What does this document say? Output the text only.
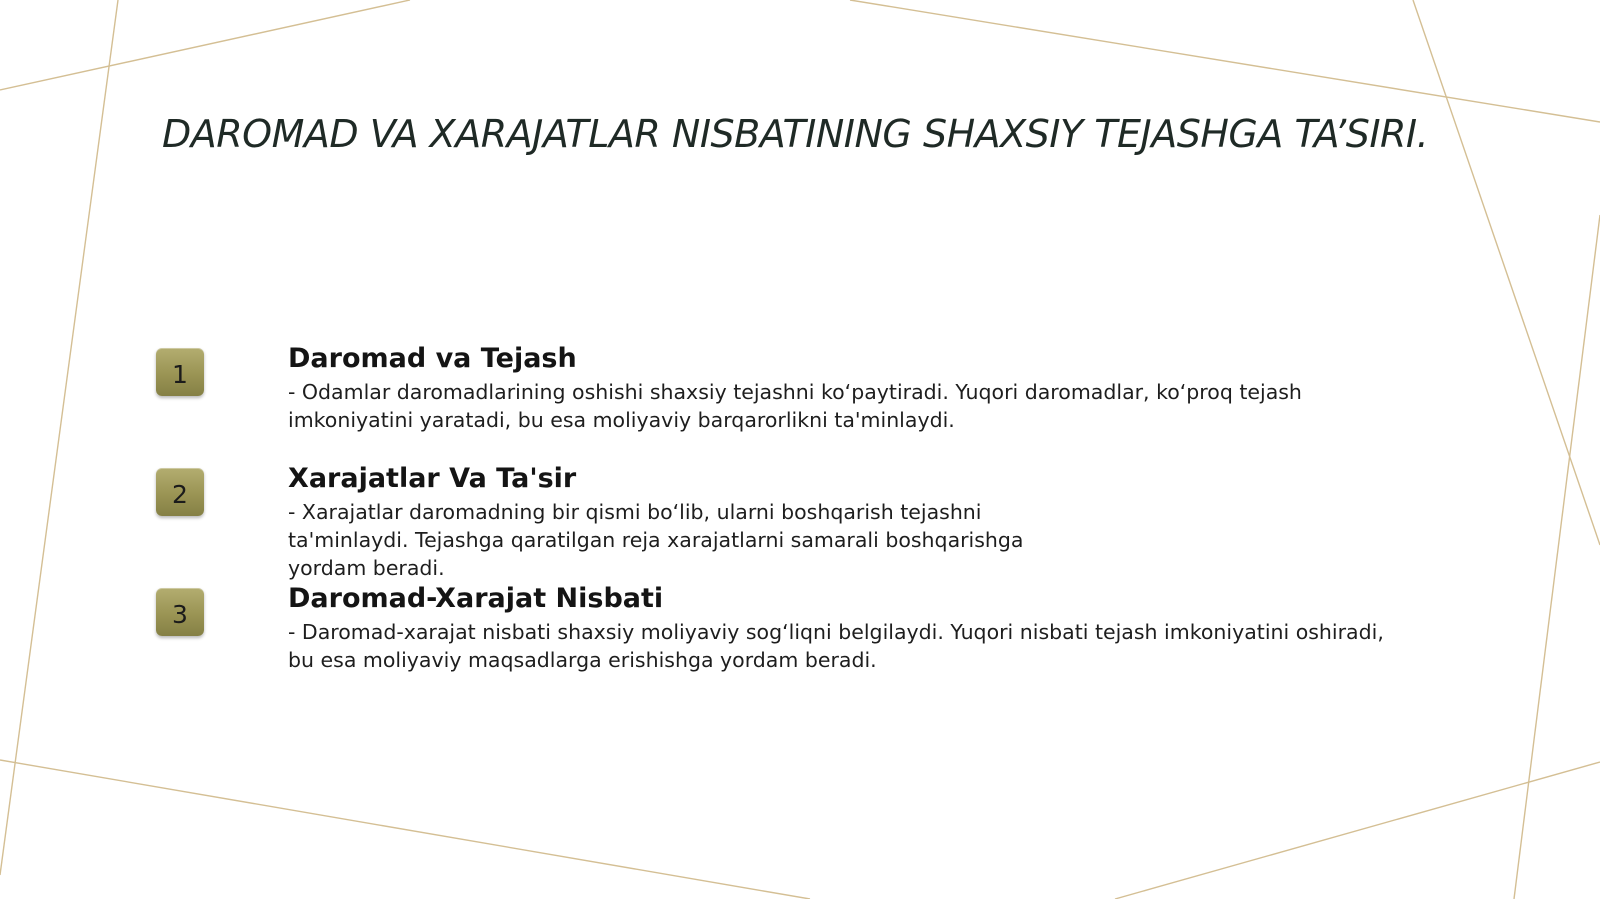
DAROMAD VA XARAJATLAR NISBATINING SHAXSIY TEJASHGA TA’SIRI.
1	Daromad va Tejash

- Odamlar daromadlarining oshishi shaxsiy tejashni ko‘paytiradi. Yuqori daromadlar, ko‘proq tejash
imkoniyatini yaratadi, bu esa moliyaviy barqarorlikni ta'minlaydi.

2	Xarajatlar Va Ta'sir

- Xarajatlar daromadning bir qismi bo‘lib, ularni boshqarish tejashni
ta'minlaydi. Tejashga qaratilgan reja xarajatlarni samarali boshqarishga
yordam beradi.

3	Daromad-Xarajat Nisbati

- Daromad-xarajat nisbati shaxsiy moliyaviy sog‘liqni belgilaydi. Yuqori nisbati tejash imkoniyatini oshiradi,
bu esa moliyaviy maqsadlarga erishishga yordam beradi.
